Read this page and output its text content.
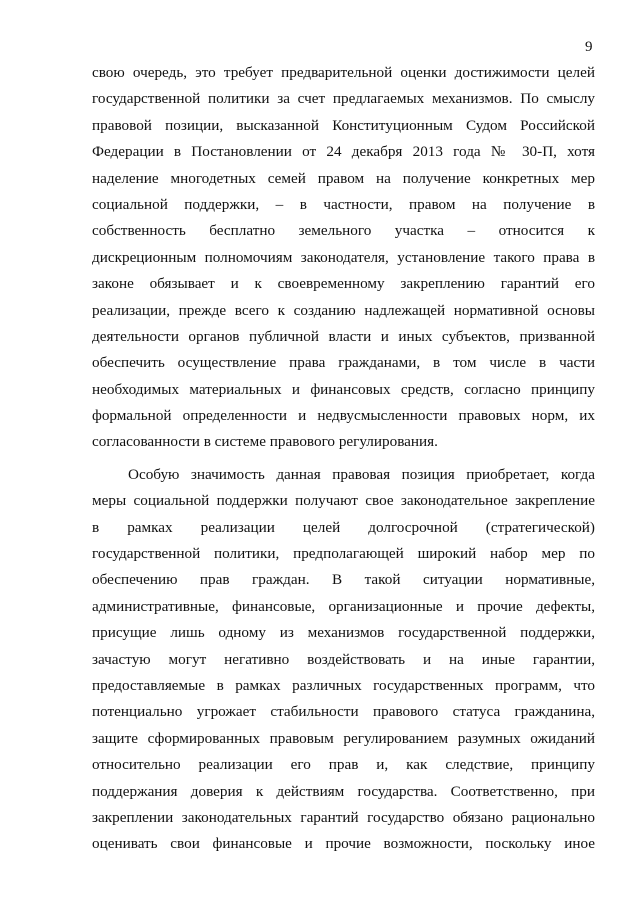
9
свою очередь, это требует предварительной оценки достижимости целей
государственной политики за счет предлагаемых механизмов. По смыслу
правовой позиции, высказанной Конституционным Судом Российской
Федерации в Постановлении от 24 декабря 2013 года № 30-П, хотя
наделение многодетных семей правом на получение конкретных мер
социальной поддержки, – в частности, правом на получение в
собственность бесплатно земельного участка – относится к
дискреционным полномочиям законодателя, установление такого права в
законе обязывает и к своевременному закреплению гарантий его
реализации, прежде всего к созданию надлежащей нормативной основы
деятельности органов публичной власти и иных субъектов, призванной
обеспечить осуществление права гражданами, в том числе в части
необходимых материальных и финансовых средств, согласно принципу
формальной определенности и недвусмысленности правовых норм, их
согласованности в системе правового регулирования.
Особую значимость данная правовая позиция приобретает, когда
меры социальной поддержки получают свое законодательное закрепление
в рамках реализации целей долгосрочной (стратегической)
государственной политики, предполагающей широкий набор мер по
обеспечению прав граждан. В такой ситуации нормативные,
административные, финансовые, организационные и прочие дефекты,
присущие лишь одному из механизмов государственной поддержки,
зачастую могут негативно воздействовать и на иные гарантии,
предоставляемые в рамках различных государственных программ, что
потенциально угрожает стабильности правового статуса гражданина,
защите сформированных правовым регулированием разумных ожиданий
относительно реализации его прав и, как следствие, принципу
поддержания доверия к действиям государства. Соответственно, при
закреплении законодательных гарантий государство обязано рационально
оценивать свои финансовые и прочие возможности, поскольку иное
